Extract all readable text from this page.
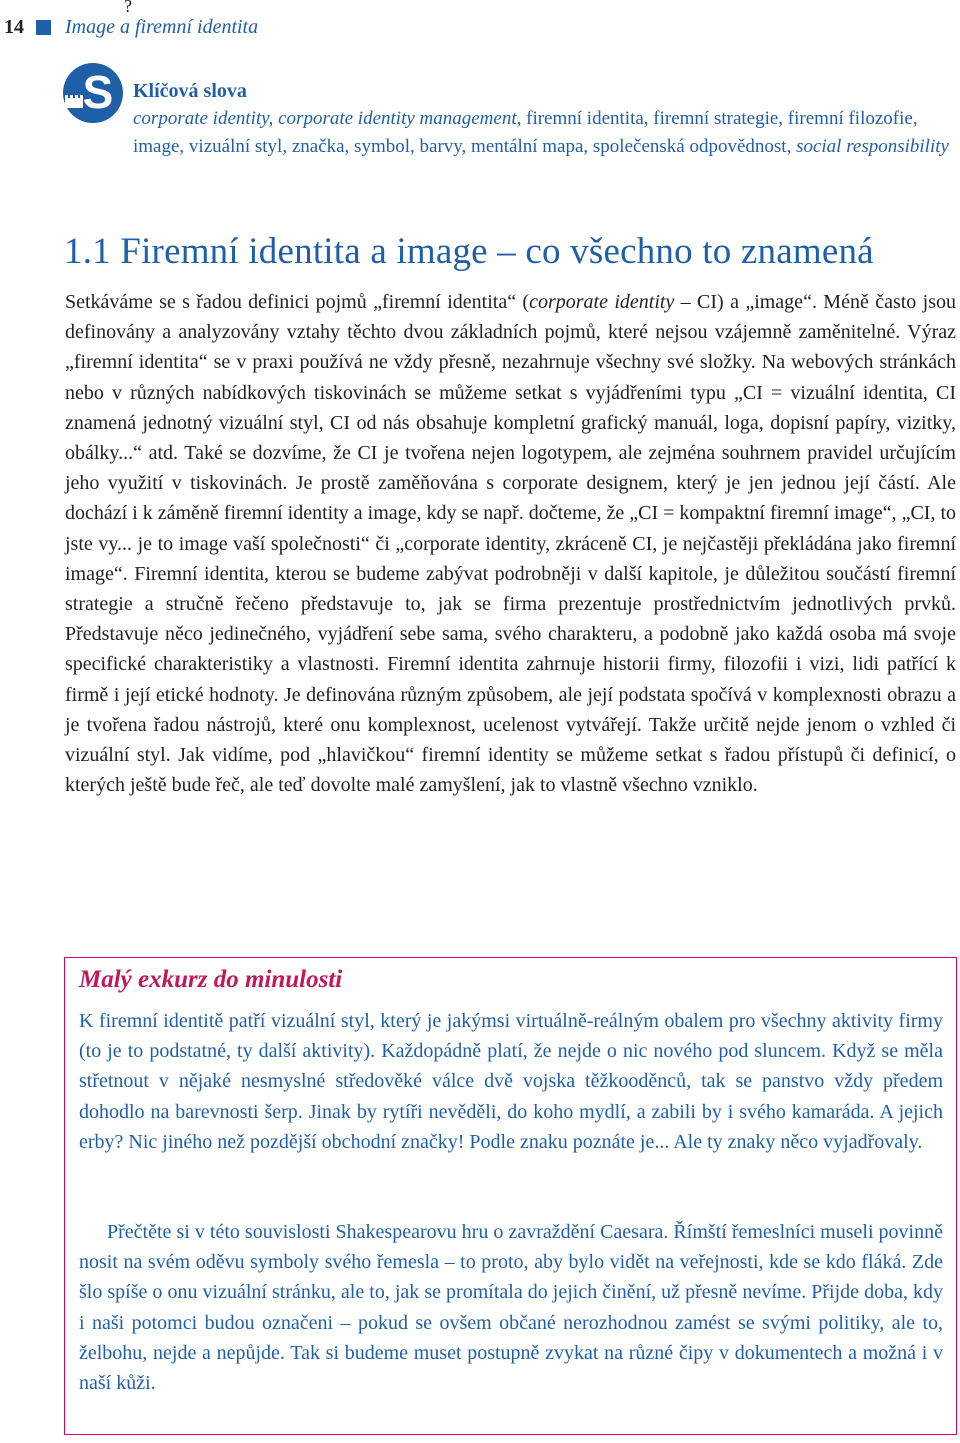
?
14 Image a firemní identita
S Klíčová slova
corporate identity, corporate identity management, firemní identita, firemní strategie, firemní filozofie, image, vizuální styl, značka, symbol, barvy, mentální mapa, společenská odpovědnost, social responsibility
1.1 Firemní identita a image – co všechno to znamená

Setkáváme se s řadou definici pojmů „firemní identita“ (corporate identity – CI) a „image“. Méně často jsou definovány a analyzovány vztahy těchto dvou základních pojmů, které nejsou vzájemně zaměnitelné. Výraz „firemní identita“ se v praxi používá ne vždy přesně, nezahrnuje všechny své složky. Na webových stránkách nebo v různých nabídkových tiskovinách se můžeme setkat s vyjádřeními typu „CI = vizuální identita, CI znamená jednotný vizuální styl, CI od nás obsahuje kompletní grafický manuál, loga, dopisní papíry, vizitky, obálky...“ atd. Také se dozvíme, že CI je tvořena nejen logotypem, ale zejména souhrnem pravidel určujícím jeho využití v tiskovinách. Je prostě zaměňována s corporate designem, který je jen jednou její částí. Ale dochází i k záměně firemní identity a image, kdy se např. dočteme, že „CI = kompaktní firemní image“, „CI, to jste vy... je to image vaší společnosti“ či „corporate identity, zkráceně CI, je nejčastěji překládána jako firemní image“. Firemní identita, kterou se budeme zabývat podrobněji v další kapitole, je důležitou součástí firemní strategie a stručně řečeno představuje to, jak se firma prezentuje prostřednictvím jednotlivých prvků. Představuje něco jedinečného, vyjádření sebe sama, svého charakteru, a podobně jako každá osoba má svoje specifické charakteristiky a vlastnosti. Firemní identita zahrnuje historii firmy, filozofii i vizi, lidi patřící k firmě i její etické hodnoty. Je definována různým způsobem, ale její podstata spočívá v komplexnosti obrazu a je tvořena řadou nástrojů, které onu komplexnost, ucelenost vytvářejí. Takže určitě nejde jenom o vzhled či vizuální styl. Jak vidíme, pod „hlavičkou“ firemní identity se můžeme setkat s řadou přístupů či definicí, o kterých ještě bude řeč, ale teď dovolte malé zamyšlení, jak to vlastně všechno vzniklo.

Malý exkurz do minulosti

K firemní identitě patří vizuální styl, který je jakýmsi virtuálně-reálným obalem pro všechny aktivity firmy (to je to podstatné, ty další aktivity). Každopádně platí, že nejde o nic nového pod sluncem. Když se měla střetnout v nějaké nesmyslné středověké válce dvě vojska těžkooděnců, tak se panstvo vždy předem dohodlo na barevnosti šerp. Jinak by rytíři nevěděli, do koho mydlí, a zabili by i svého kamaráda. A jejich erby? Nic jiného než pozdější obchodní značky! Podle znaku poznáte je... Ale ty znaky něco vyjadřovaly.

Přečtěte si v této souvislosti Shakespearovu hru o zavraždění Caesara. Římští řemeslníci museli povinně nosit na svém oděvu symboly svého řemesla – to proto, aby bylo vidět na veřejnosti, kde se kdo fláká. Zde šlo spíše o onu vizuální stránku, ale to, jak se promítala do jejich činění, už přesně nevíme. Přijde doba, kdy i naši potomci budou označeni – pokud se ovšem občané nerozhodnou zamést se svými politiky, ale to, želbohu, nejde a nepůjde. Tak si budeme muset postupně zvykat na různé čipy v dokumentech a možná i v naší kůži.
